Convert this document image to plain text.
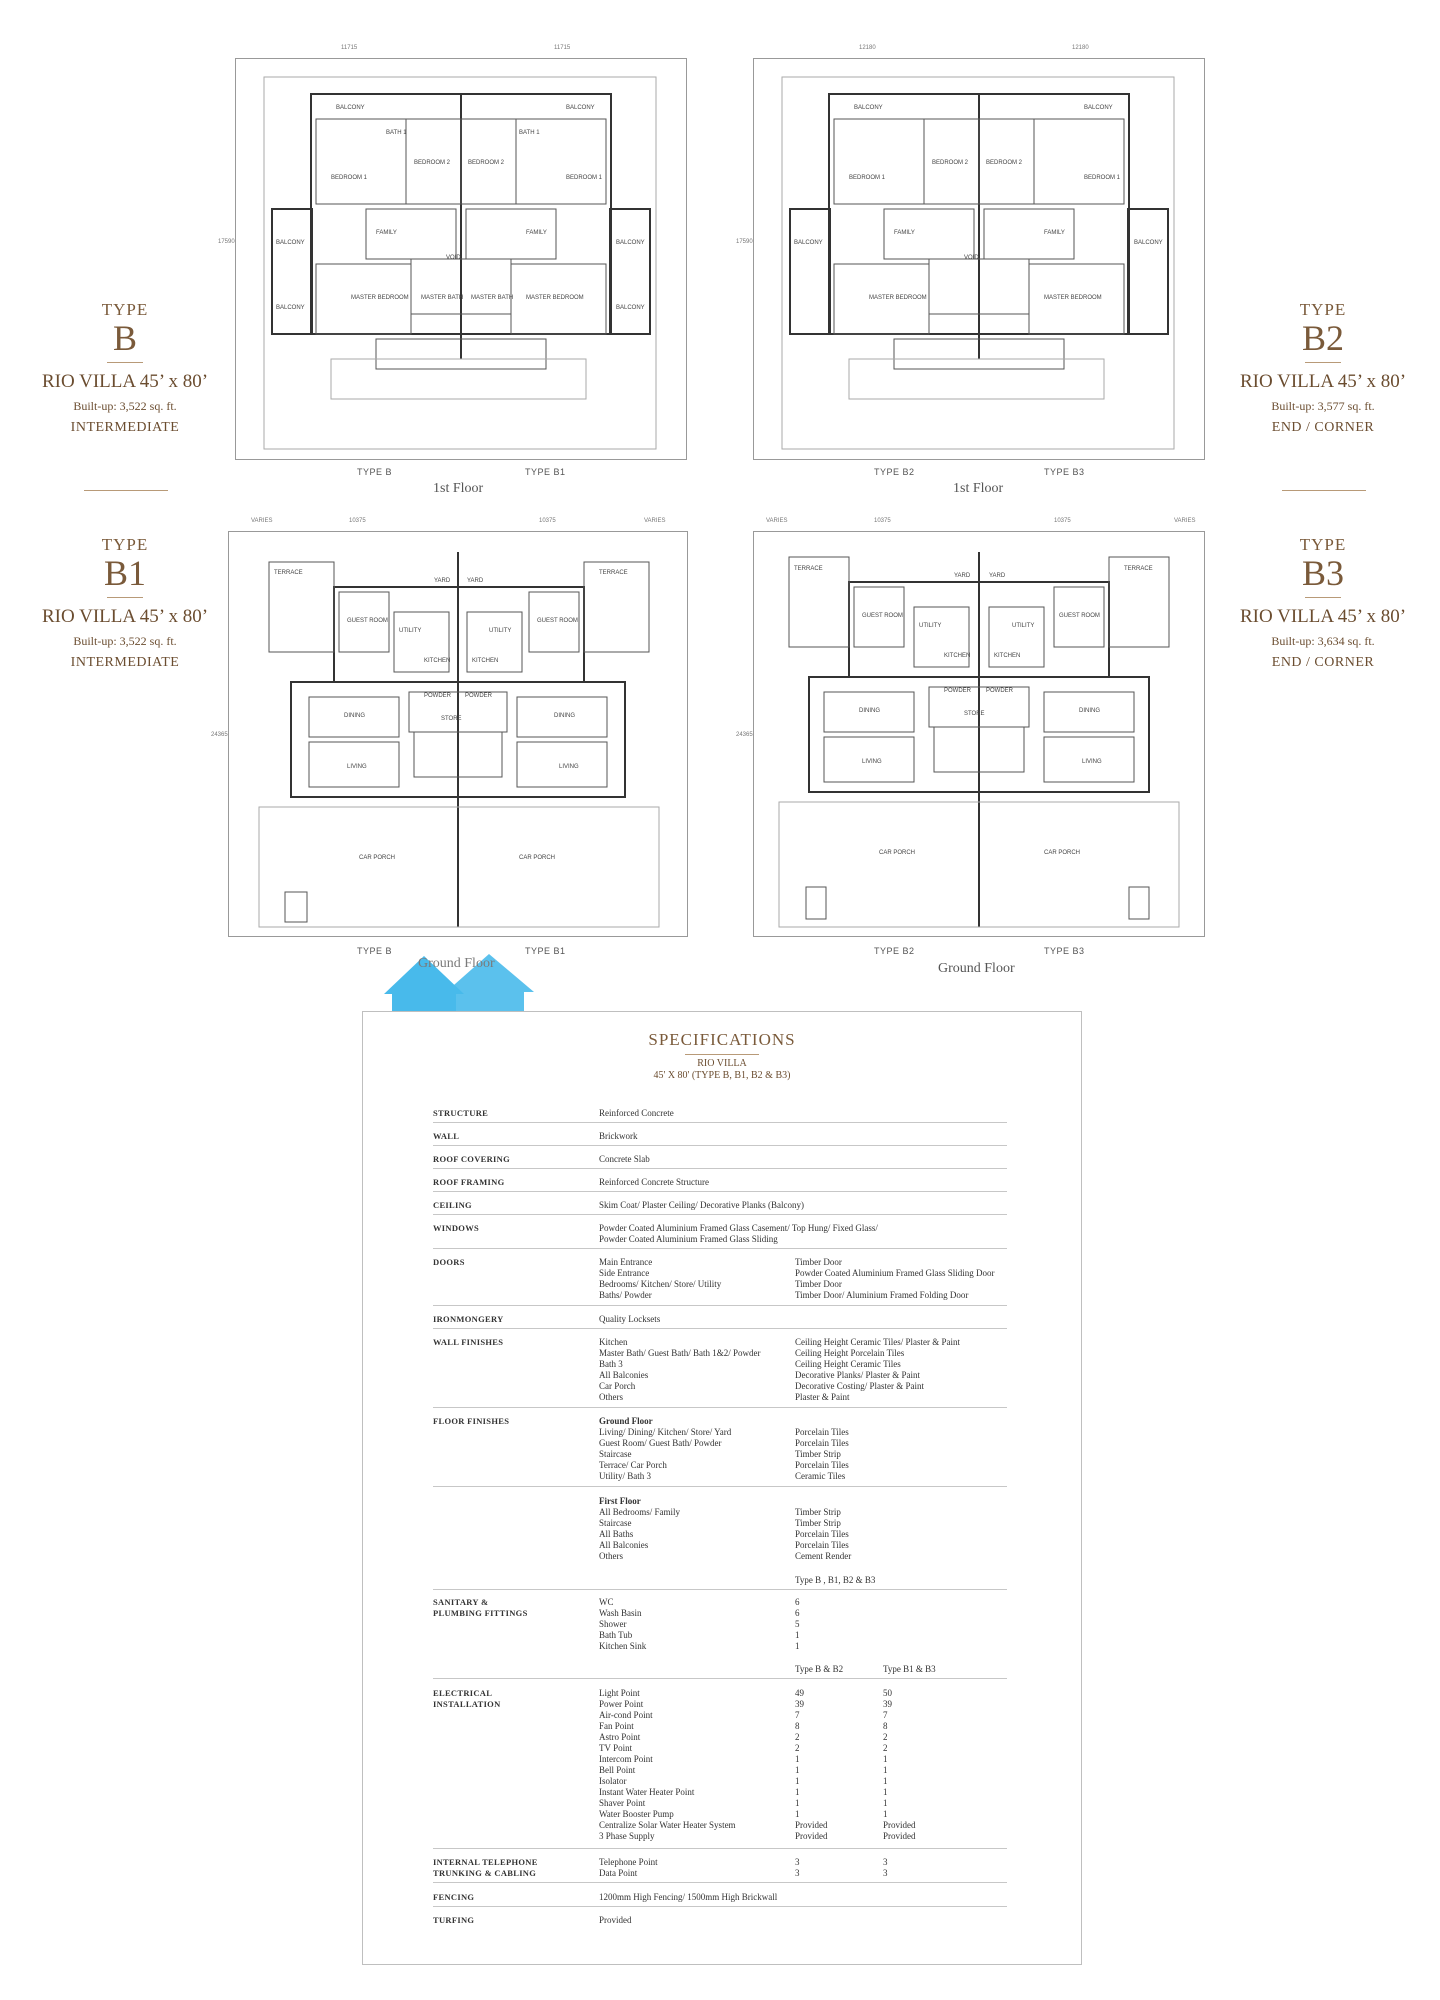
TYPE
B
RIO VILLA 45’ x 80’
Built-up: 3,522 sq. ft.
INTERMEDIATE
TYPE
B1
RIO VILLA 45’ x 80’
Built-up: 3,522 sq. ft.
INTERMEDIATE
TYPE
B2
RIO VILLA 45’ x 80’
Built-up: 3,577 sq. ft.
END / CORNER
TYPE
B3
RIO VILLA 45’ x 80’
Built-up: 3,634 sq. ft.
END / CORNER
BALCONY	BALCONY
BEDROOM 1	BEDROOM 1
BEDROOM 2	BEDROOM 2
BATH 1	BATH 1
FAMILY	FAMILY
VOID
BALCONY	BALCONY
BALCONY	BALCONY
MASTER BEDROOM	MASTER BEDROOM
MASTER BATH MASTER BATH
11715	11715
17590
TYPE B	TYPE B1
1st Floor
BALCONY	BALCONY
BEDROOM 1	BEDROOM 1
BEDROOM 2	BEDROOM 2
FAMILY	FAMILY
VOID
BALCONY	BALCONY
MASTER BEDROOM	MASTER BEDROOM
12180	12180
17590
TYPE B2	TYPE B3
1st Floor
TERRACE	TERRACE
GUEST ROOM	GUEST ROOM
UTILITY	UTILITY
KITCHEN	KITCHEN
YARD	YARD
DINING	DINING
LIVING	LIVING
POWDER POWDER
STORE
CAR PORCH	CAR PORCH
VARIES	10375	10375	VARIES
24365
TYPE B	TYPE B1
TERRACE	TERRACE
GUEST ROOM	GUEST ROOM
UTILITY	UTILITY
KITCHEN	KITCHEN
YARD	YARD
DINING	DINING
LIVING	LIVING
POWDER	POWDER
STORE
CAR PORCH	CAR PORCH
VARIES	10375	10375	VARIES
24365
TYPE B2	TYPE B3
Ground Floor
Ground Floor
SPECIFICATIONS
RIO VILLA
45' X 80' (TYPE B, B1, B2 & B3)
STRUCTURE	Reinforced Concrete
WALL	Brickwork
ROOF COVERING	Concrete Slab
ROOF FRAMING	Reinforced Concrete Structure
CEILING	Skim Coat/ Plaster Ceiling/ Decorative Planks (Balcony)
WINDOWS	Powder Coated Aluminium Framed Glass Casement/ Top Hung/ Fixed Glass/
Powder Coated Aluminium Framed Glass Sliding
DOORS	Main Entrance	Timber Door
Side Entrance	Powder Coated Aluminium Framed Glass Sliding Door
Bedrooms/ Kitchen/ Store/ Utility	Timber Door
Baths/ Powder	Timber Door/ Aluminium Framed Folding Door
IRONMONGERY	Quality Locksets
WALL FINISHES	Kitchen	Ceiling Height Ceramic Tiles/ Plaster & Paint
Master Bath/ Guest Bath/ Bath 1&2/ Powder	Ceiling Height Porcelain Tiles
Bath 3	Ceiling Height Ceramic Tiles
All Balconies	Decorative Planks/ Plaster & Paint
Car Porch	Decorative Costing/ Plaster & Paint
Others	Plaster & Paint
FLOOR FINISHES	Ground Floor
Living/ Dining/ Kitchen/ Store/ Yard	Porcelain Tiles
Guest Room/ Guest Bath/ Powder	Porcelain Tiles
Staircase	Timber Strip
Terrace/ Car Porch	Porcelain Tiles
Utility/ Bath 3	Ceramic Tiles
First Floor
All Bedrooms/ Family	Timber Strip
Staircase	Timber Strip
All Baths	Porcelain Tiles
All Balconies	Porcelain Tiles
Others	Cement Render
Type B , B1, B2 & B3
SANITARY &
PLUMBING FITTINGS
WC	6
Wash Basin	6
Shower	5
Bath Tub	1
Kitchen Sink	1
Type B & B2	Type B1 & B3
ELECTRICAL
INSTALLATION
Light Point	49	50
Power Point	39	39
Air-cond Point	7	7
Fan Point	8	8
Astro Point	2	2
TV Point	2	2
Intercom Point	1	1
Bell Point	1	1
Isolator	1	1
Instant Water Heater Point	1	1
Shaver Point	1	1
Water Booster Pump	1	1
Centralize Solar Water Heater System	Provided	Provided
3 Phase Supply	Provided	Provided
INTERNAL TELEPHONE
TRUNKING & CABLING
Telephone Point	3	3
Data Point	3	3
FENCING	1200mm High Fencing/ 1500mm High Brickwall
TURFING	Provided
